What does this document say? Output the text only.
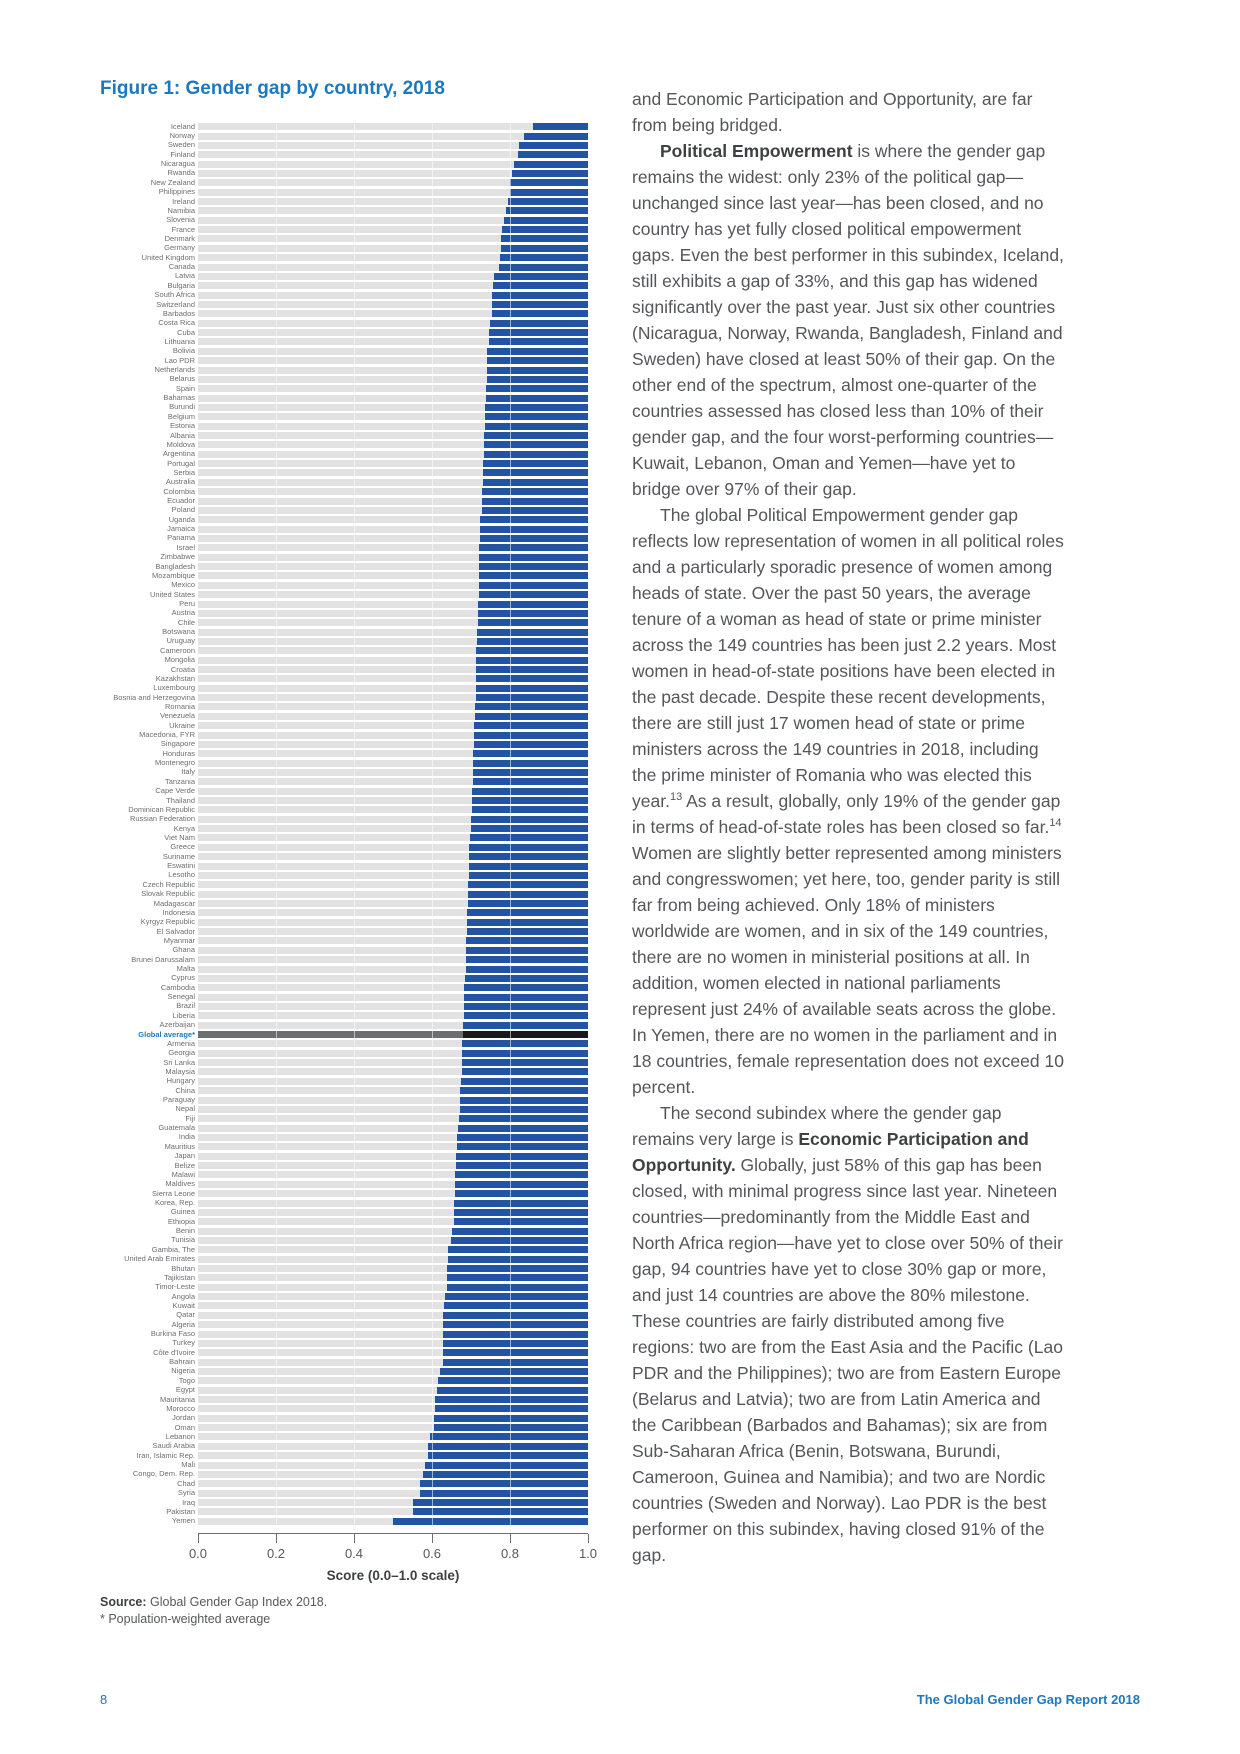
Figure 1: Gender gap by country, 2018
Iceland
Norway
Sweden
Finland
Nicaragua
Rwanda
New Zealand
Philippines
Ireland
Namibia
Slovenia
France
Denmark
Germany
United Kingdom
Canada
Latvia
Bulgaria
South Africa
Switzerland
Barbados
Costa Rica
Cuba
Lithuania
Bolivia
Lao PDR
Netherlands
Belarus
Spain
Bahamas
Burundi
Belgium
Estonia
Albania
Moldova
Argentina
Portugal
Serbia
Australia
Colombia
Ecuador
Poland
Uganda
Jamaica
Panama
Israel
Zimbabwe
Bangladesh
Mozambique
Mexico
United States
Peru
Austria
Chile
Botswana
Uruguay
Cameroon
Mongolia
Croatia
Kazakhstan
Luxembourg
Bosnia and Herzegovina
Romania
Venezuela
Ukraine
Macedonia, FYR
Singapore
Honduras
Montenegro
Italy
Tanzania
Cape Verde
Thailand
Dominican Republic
Russian Federation
Kenya
Viet Nam
Greece
Suriname
Eswatini
Lesotho
Czech Republic
Slovak Republic
Madagascar
Indonesia
Kyrgyz Republic
El Salvador
Myanmar
Ghana
Brunei Darussalam
Malta
Cyprus
Cambodia
Senegal
Brazil
Liberia
Azerbaijan
Global average*
Armenia
Georgia
Sri Lanka
Malaysia
Hungary
China
Paraguay
Nepal
Fiji
Guatemala
India
Mauritius
Japan
Belize
Malawi
Maldives
Sierra Leone
Korea, Rep.
Guinea
Ethiopia
Benin
Tunisia
Gambia, The
United Arab Emirates
Bhutan
Tajikistan
Timor-Leste
Angola
Kuwait
Qatar
Algeria
Burkina Faso
Turkey
Côte d'Ivoire
Bahrain
Nigeria
Togo
Egypt
Mauritania
Morocco
Jordan
Oman
Lebanon
Saudi Arabia
Iran, Islamic Rep.
Mali
Congo, Dem. Rep.
Chad
Syria
Iraq
Pakistan
Yemen
Score (0.0–1.0 scale)
0.0	0.2	0.4	0.6	0.8	1.0
Source: Global Gender Gap Index 2018.
* Population-weighted average

and Economic Participation and Opportunity, are far from being bridged.

Political Empowerment is where the gender gap remains the widest: only 23% of the political gap—unchanged since last year—has been closed, and no country has yet fully closed political empowerment gaps. Even the best performer in this subindex, Iceland, still exhibits a gap of 33%, and this gap has widened significantly over the past year. Just six other countries (Nicaragua, Norway, Rwanda, Bangladesh, Finland and Sweden) have closed at least 50% of their gap. On the other end of the spectrum, almost one-quarter of the countries assessed has closed less than 10% of their gender gap, and the four worst-performing countries—Kuwait, Lebanon, Oman and Yemen—have yet to bridge over 97% of their gap.

The global Political Empowerment gender gap reflects low representation of women in all political roles and a particularly sporadic presence of women among heads of state. Over the past 50 years, the average tenure of a woman as head of state or prime minister across the 149 countries has been just 2.2 years. Most women in head-of-state positions have been elected in the past decade. Despite these recent developments, there are still just 17 women head of state or prime ministers across the 149 countries in 2018, including the prime minister of Romania who was elected this year.$^{13}$ As a result, globally, only 19% of the gender gap in terms of head-of-state roles has been closed so far.$^{14}$ Women are slightly better represented among ministers and congresswomen; yet here, too, gender parity is still far from being achieved. Only 18% of ministers worldwide are women, and in six of the 149 countries, there are no women in ministerial positions at all. In addition, women elected in national parliaments represent just 24% of available seats across the globe. In Yemen, there are no women in the parliament and in 18 countries, female representation does not exceed 10 percent.

The second subindex where the gender gap remains very large is Economic Participation and Opportunity. Globally, just 58% of this gap has been closed, with minimal progress since last year. Nineteen countries—predominantly from the Middle East and North Africa region—have yet to close over 50% of their gap, 94 countries have yet to close 30% gap or more, and just 14 countries are above the 80% milestone. These countries are fairly distributed among five regions: two are from the East Asia and the Pacific (Lao PDR and the Philippines); two are from Eastern Europe (Belarus and Latvia); two are from Latin America and the Caribbean (Barbados and Bahamas); six are from Sub-Saharan Africa (Benin, Botswana, Burundi, Cameroon, Guinea and Namibia); and two are Nordic countries (Sweden and Norway). Lao PDR is the best performer on this subindex, having closed 91% of the gap.

8	The Global Gender Gap Report 2018
